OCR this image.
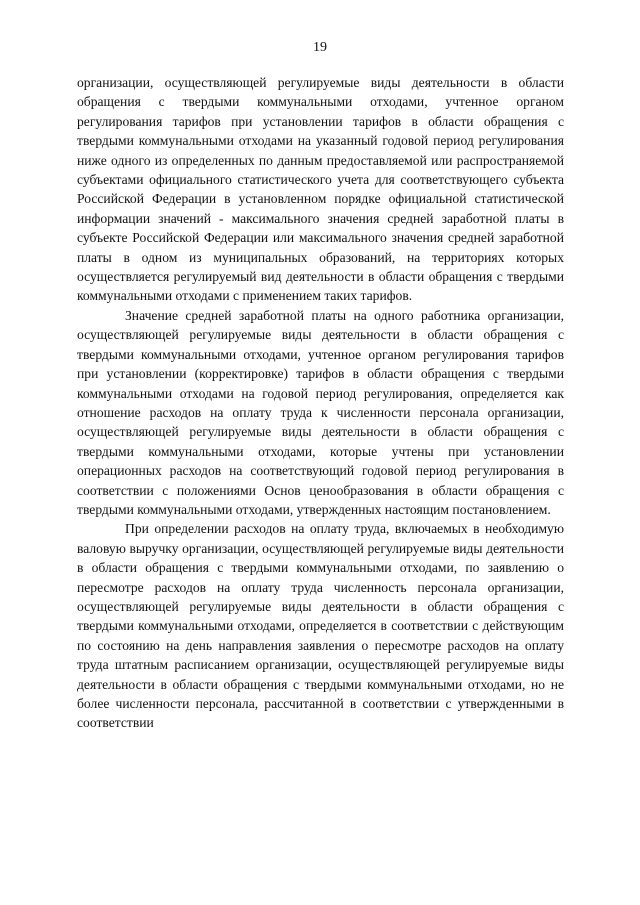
19

организации, осуществляющей регулируемые виды деятельности в области обращения с твердыми коммунальными отходами, учтенное органом регулирования тарифов при установлении тарифов в области обращения с твердыми коммунальными отходами на указанный годовой период регулирования ниже одного из определенных по данным предоставляемой или распространяемой субъектами официального статистического учета для соответствующего субъекта Российской Федерации в установленном порядке официальной статистической информации значений - максимального значения средней заработной платы в субъекте Российской Федерации или максимального значения средней заработной платы в одном из муниципальных образований, на территориях которых осуществляется регулируемый вид деятельности в области обращения с твердыми коммунальными отходами с применением таких тарифов.

Значение средней заработной платы на одного работника организации, осуществляющей регулируемые виды деятельности в области обращения с твердыми коммунальными отходами, учтенное органом регулирования тарифов при установлении (корректировке) тарифов в области обращения с твердыми коммунальными отходами на годовой период регулирования, определяется как отношение расходов на оплату труда к численности персонала организации, осуществляющей регулируемые виды деятельности в области обращения с твердыми коммунальными отходами, которые учтены при установлении операционных расходов на соответствующий годовой период регулирования в соответствии с положениями Основ ценообразования в области обращения с твердыми коммунальными отходами, утвержденных настоящим постановлением.

При определении расходов на оплату труда, включаемых в необходимую валовую выручку организации, осуществляющей регулируемые виды деятельности в области обращения с твердыми коммунальными отходами, по заявлению о пересмотре расходов на оплату труда численность персонала организации, осуществляющей регулируемые виды деятельности в области обращения с твердыми коммунальными отходами, определяется в соответствии с действующим по состоянию на день направления заявления о пересмотре расходов на оплату труда штатным расписанием организации, осуществляющей регулируемые виды деятельности в области обращения с твердыми коммунальными отходами, но не более численности персонала, рассчитанной в соответствии с утвержденными в соответствии
